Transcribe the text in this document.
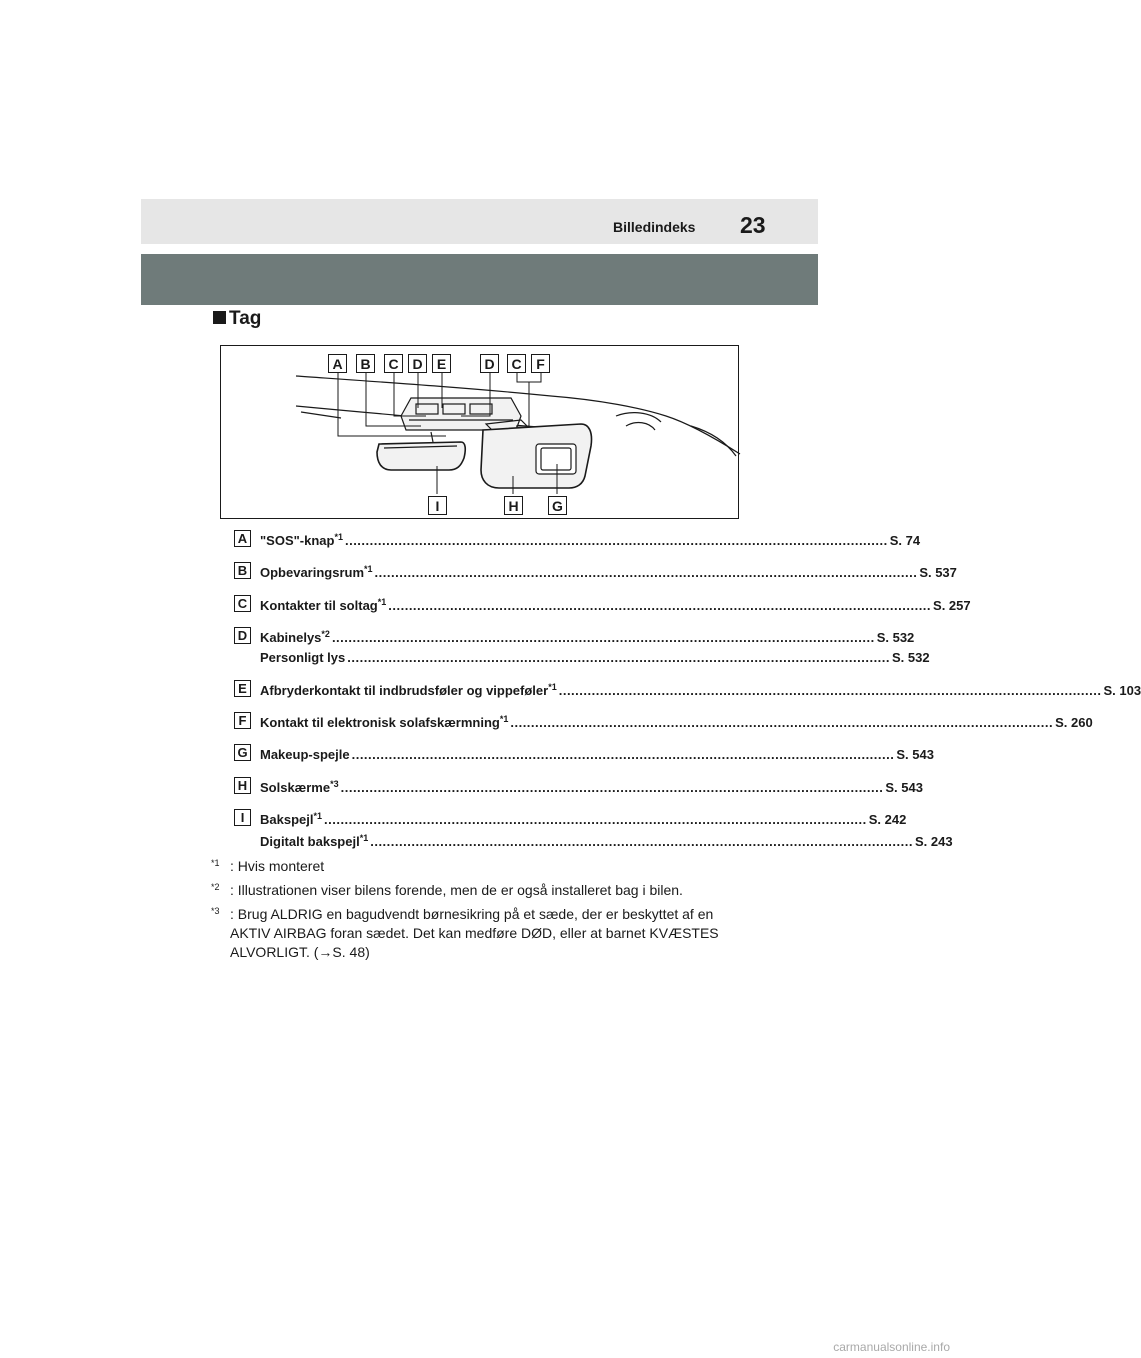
Billedindeks 23
Tag
A	B	C D	E	D	C	F
I	H	G
A "SOS"-knap$^{*1}$ .................................................................................................................................... S. 74
B Opbevaringsrum$^{*1}$ .................................................................................................................................... S. 537
C Kontakter til soltag$^{*1}$ .................................................................................................................................... S. 257
D Kabinelys$^{*2}$ .................................................................................................................................... S. 532
Personligt lys .................................................................................................................................... S. 532
E	Afbryderkontakt til indbrudsføler og vippeføler$^{*1}$ .................................................................................................................................... S. 103
F	Kontakt til elektronisk solafskærmning$^{*1}$ .................................................................................................................................... S. 260
G Makeup-spejle .................................................................................................................................... S. 543
H Solskærme$^{*3}$ .................................................................................................................................... S. 543
I	Bakspejl$^{*1}$ .................................................................................................................................... S. 242
Digitalt bakspejl$^{*1}$ .................................................................................................................................... S. 243
$^{*1}$ : Hvis monteret
$^{*2}$ : Illustrationen viser bilens forende, men de er også installeret bag i bilen.
$^{*3}$ : Brug ALDRIG en bagudvendt børnesikring på et sæde, der er beskyttet af en AKTIV AIRBAG foran sædet. Det kan medføre DØD, eller at barnet KVÆSTES ALVORLIGT. (→S. 48)
carmanualsonline.info
